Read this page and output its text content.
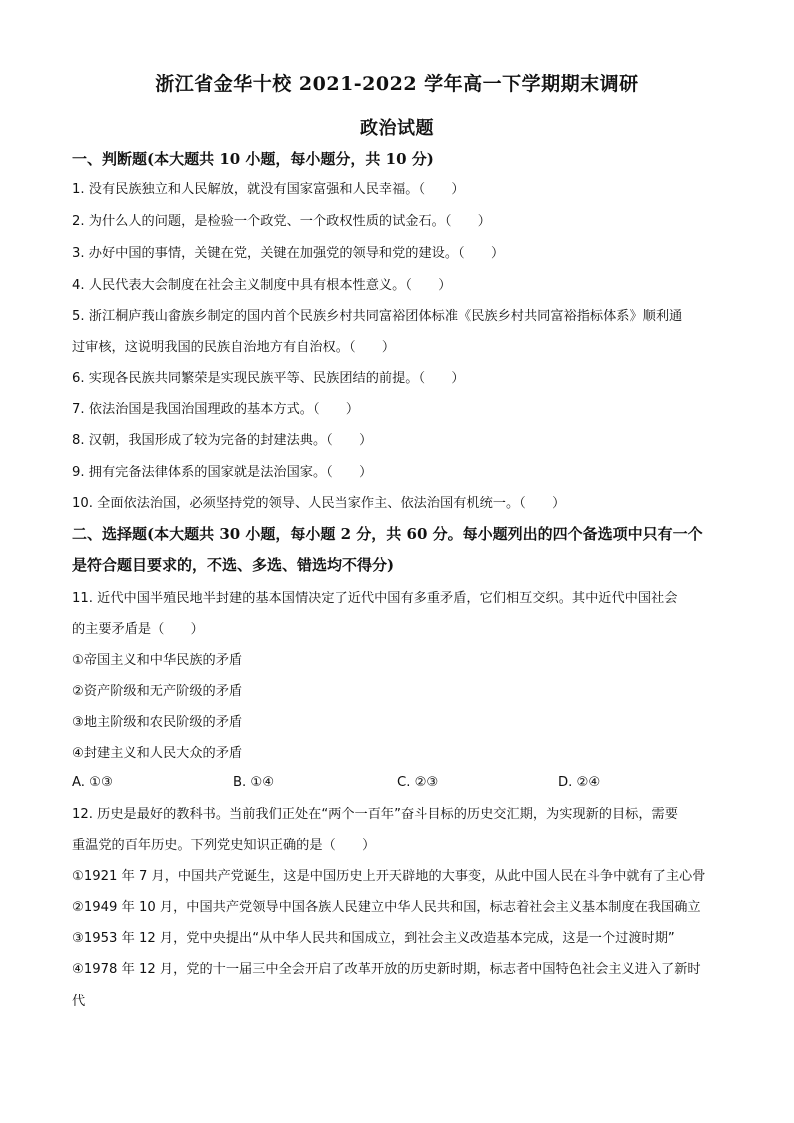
浙江省金华十校 2021-2022 学年高一下学期期末调研
政治试题
一、判断题(本大题共 10 小题，每小题分，共 10 分)
1. 没有民族独立和人民解放，就没有国家富强和人民幸福。（　　）
2. 为什么人的问题，是检验一个政党、一个政权性质的试金石。（　　）
3. 办好中国的事情，关键在党，关键在加强党的领导和党的建设。（　　）
4. 人民代表大会制度在社会主义制度中具有根本性意义。（　　）
5. 浙江桐庐莪山畲族乡制定的国内首个民族乡村共同富裕团体标准《民族乡村共同富裕指标体系》顺利通
过审核，这说明我国的民族自治地方有自治权。（　　）
6. 实现各民族共同繁荣是实现民族平等、民族团结的前提。（　　）
7. 依法治国是我国治国理政的基本方式。（　　）
8. 汉朝，我国形成了较为完备的封建法典。（　　）
9. 拥有完备法律体系的国家就是法治国家。（　　）
10. 全面依法治国，必须坚持党的领导、人民当家作主、依法治国有机统一。（　　）
二、选择题(本大题共 30 小题，每小题 2 分，共 60 分。每小题列出的四个备选项中只有一个
是符合题目要求的，不选、多选、错选均不得分)
11. 近代中国半殖民地半封建的基本国情决定了近代中国有多重矛盾，它们相互交织。其中近代中国社会
的主要矛盾是（　　）
①帝国主义和中华民族的矛盾
②资产阶级和无产阶级的矛盾
③地主阶级和农民阶级的矛盾
④封建主义和人民大众的矛盾
A. ①③	B. ①④	C. ②③	D. ②④
12. 历史是最好的教科书。当前我们正处在“两个一百年”奋斗目标的历史交汇期，为实现新的目标，需要
重温党的百年历史。下列党史知识正确的是（　　）
①1921 年 7 月，中国共产党诞生，这是中国历史上开天辟地的大事变，从此中国人民在斗争中就有了主心骨
②1949 年 10 月，中国共产党领导中国各族人民建立中华人民共和国，标志着社会主义基本制度在我国确立
③1953 年 12 月，党中央提出“从中华人民共和国成立，到社会主义改造基本完成，这是一个过渡时期”
④1978 年 12 月，党的十一届三中全会开启了改革开放的历史新时期，标志者中国特色社会主义进入了新时
代
